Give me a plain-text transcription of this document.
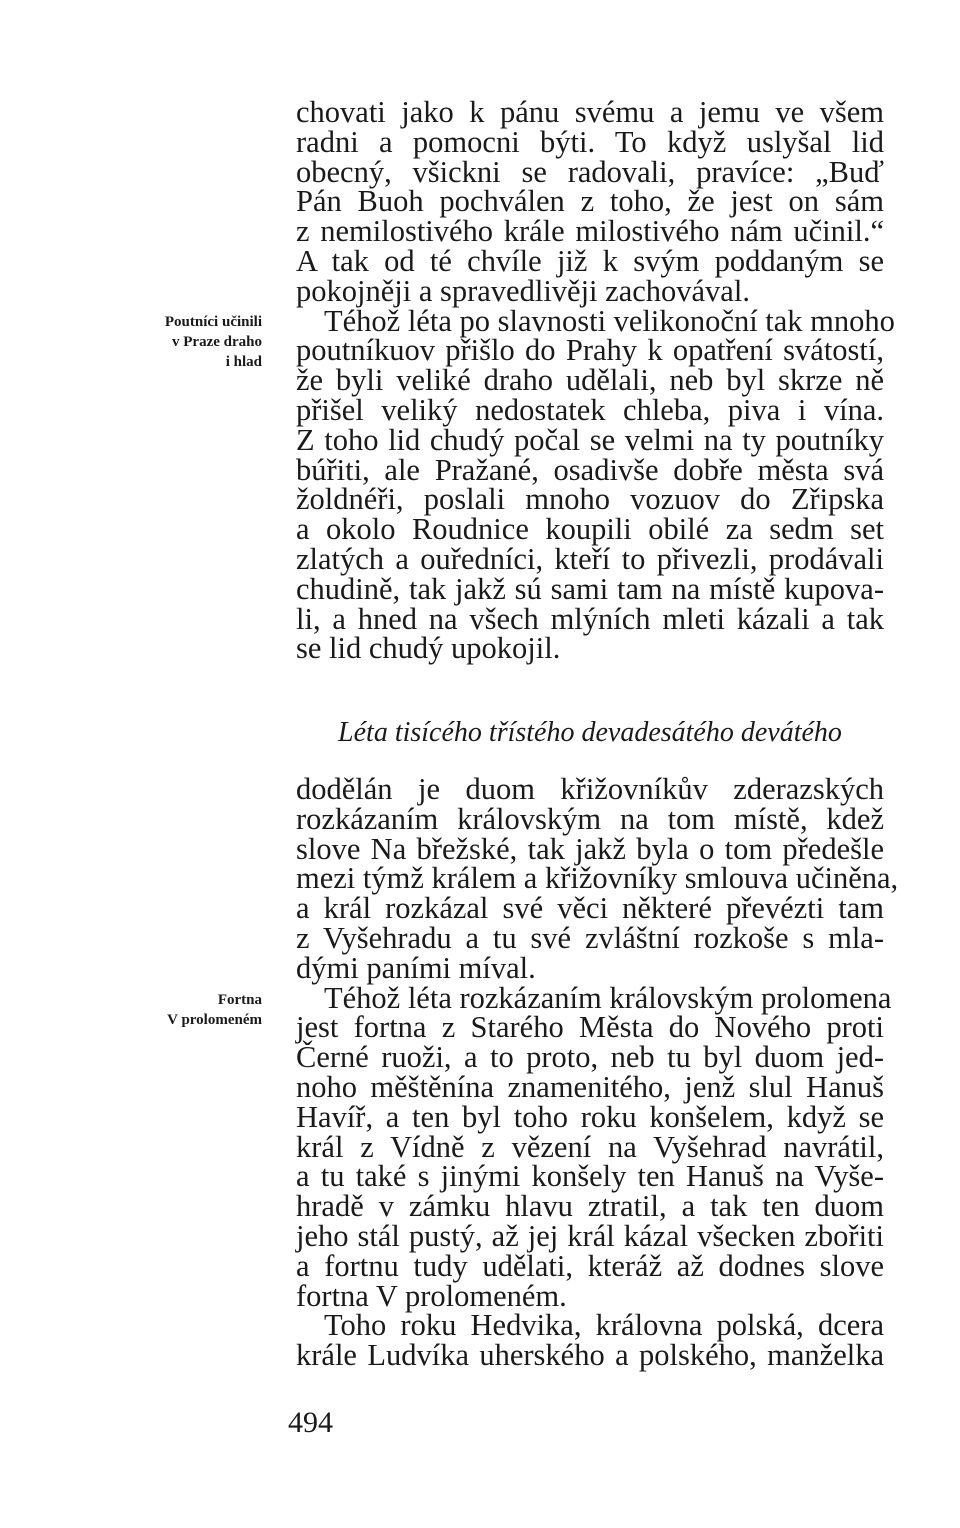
Poutníci učinili
v Praze draho
i hlad
chovati jako k pánu svému a jemu ve všem
radni a pomocni býti. To když uslyšal lid
obecný, všickni se radovali, pravíce: „Buď
Pán Buoh pochválen z toho, že jest on sám
z nemilostivého krále milostivého nám učinil.“
A tak od té chvíle již k svým poddaným se
pokojněji a spravedlivěji zachovával.
Téhož léta po slavnosti velikonoční tak mnoho
poutníkuov přišlo do Prahy k opatření svátostí,
že byli veliké draho udělali, neb byl skrze ně
přišel veliký nedostatek chleba, piva i vína.
Z toho lid chudý počal se velmi na ty poutníky
búřiti, ale Pražané, osadivše dobře města svá
žoldnéři, poslali mnoho vozuov do Zřipska
a okolo Roudnice koupili obilé za sedm set
zlatých a ouředníci, kteří to přivezli, prodávali
chudině, tak jakž sú sami tam na místě kupova-
li, a hned na všech mlýních mleti kázali a tak
se lid chudý upokojil.
Léta tisícého třístého devadesátého devátého
Fortna
V prolomeném
dodělán je duom křižovníkův zderazských
rozkázaním královským na tom místě, kdež
slove Na břežské, tak jakž byla o tom předešle
mezi týmž králem a křižovníky smlouva učiněna,
a král rozkázal své věci některé převézti tam
z Vyšehradu a tu své zvláštní rozkoše s mla-
dými paními míval.
Téhož léta rozkázaním královským prolomena
jest fortna z Starého Města do Nového proti
Černé ruoži, a to proto, neb tu byl duom jed-
noho měštěnína znamenitého, jenž slul Hanuš
Havíř, a ten byl toho roku konšelem, když se
král z Vídně z vězení na Vyšehrad navrátil,
a tu také s jinými konšely ten Hanuš na Vyše-
hradě v zámku hlavu ztratil, a tak ten duom
jeho stál pustý, až jej král kázal všecken zbořiti
a fortnu tudy udělati, kteráž až dodnes slove
fortna V prolomeném.
Toho roku Hedvika, královna polská, dcera
krále Ludvíka uherského a polského, manželka
494
